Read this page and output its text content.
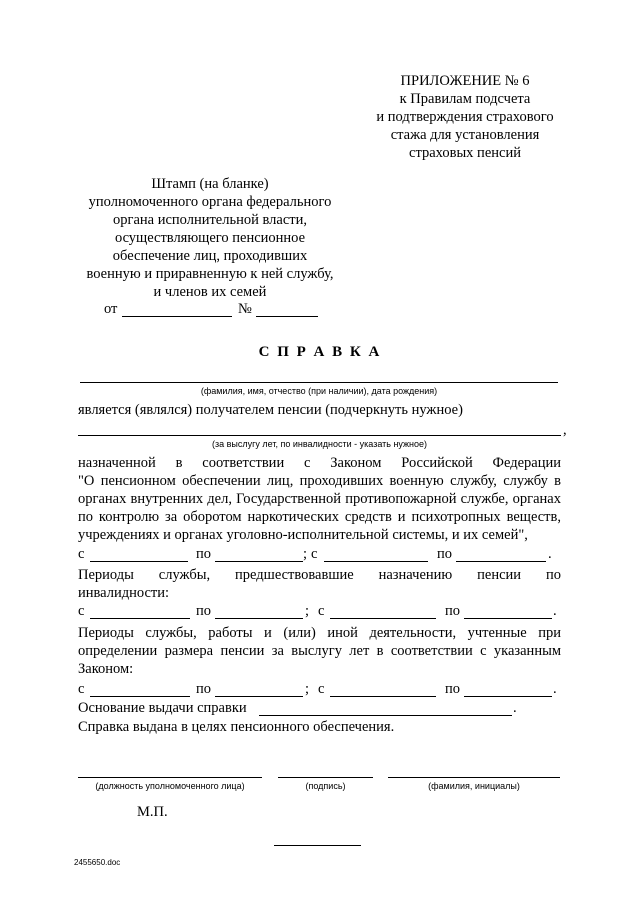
ПРИЛОЖЕНИЕ № 6
к Правилам подсчета
и подтверждения страхового
стажа для установления
страховых пенсий
Штамп (на бланке)
уполномоченного органа федерального
органа исполнительной власти,
осуществляющего пенсионное
обеспечение лиц, проходивших
военную и приравненную к ней службу,
и членов их семей
от	№
С П Р А В К А
(фамилия, имя, отчество (при наличии), дата рождения)
является (являлся) получателем пенсии (подчеркнуть нужное)
,
(за выслугу лет, по инвалидности - указать нужное)
назначенной в соответствии с Законом Российской Федерации
"О пенсионном обеспечении лиц, проходивших военную службу, службу в
органах внутренних дел, Государственной противопожарной службе, органах
по контролю за оборотом наркотических средств и психотропных веществ,
учреждениях и органах уголовно-исполнительной системы, и их семей",
с	по	; с	по	.
Периоды службы, предшествовавшие назначению пенсии по
инвалидности:
с	по	; с	по	.
Периоды службы, работы и (или) иной деятельности, учтенные при
определении размера пенсии за выслугу лет в соответствии с указанным
Законом:
с	по	; с	по	.
Основание выдачи справки	.
Справка выдана в целях пенсионного обеспечения.
(должность уполномоченного лица)	(подпись)	(фамилия, инициалы)
М.П.
2455650.doc
